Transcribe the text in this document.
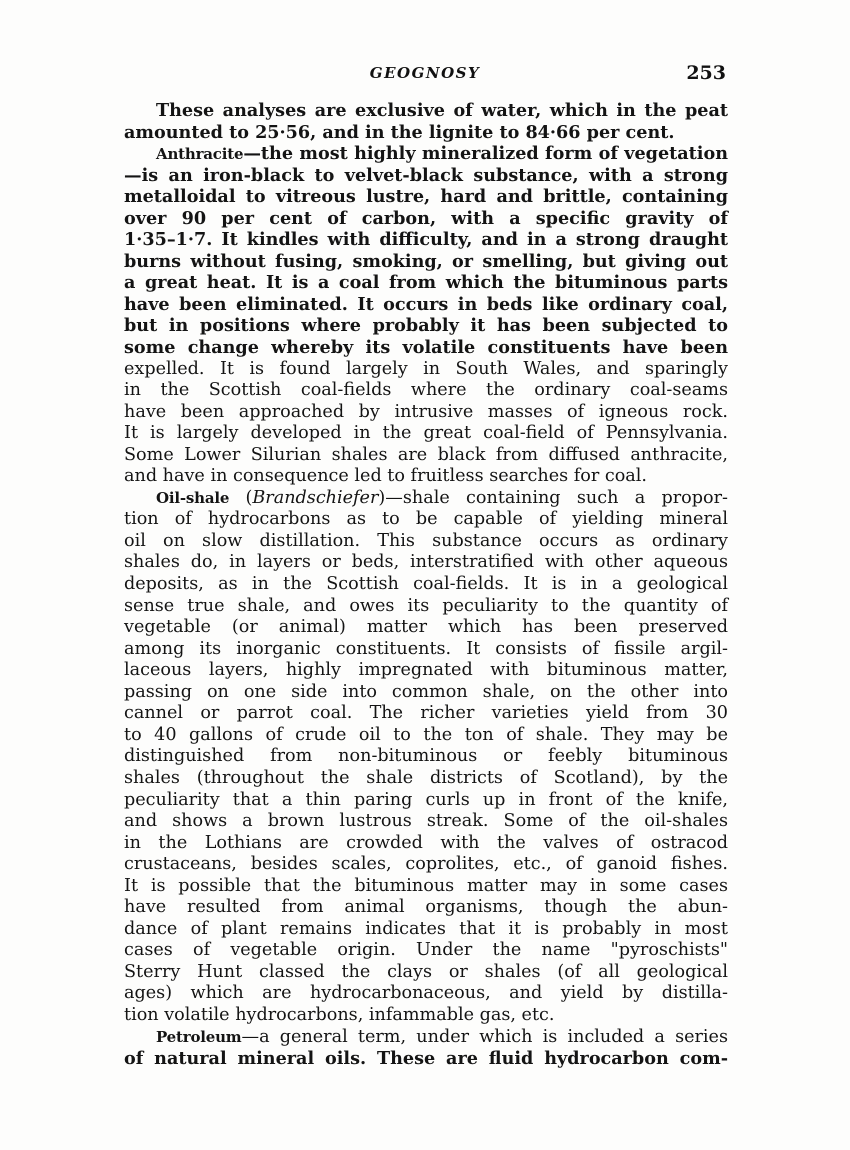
GEOGNOSY	253
These analyses are exclusive of water, which in the peat
amounted to 25·56, and in the lignite to 84·66 per cent.
Anthracite—the most highly mineralized form of vegetation
—is an iron-black to velvet-black substance, with a strong
metalloidal to vitreous lustre, hard and brittle, containing
over 90 per cent of carbon, with a specific gravity of
1·35–1·7. It kindles with difficulty, and in a strong draught
burns without fusing, smoking, or smelling, but giving out
a great heat. It is a coal from which the bituminous parts
have been eliminated. It occurs in beds like ordinary coal,
but in positions where probably it has been subjected to
some change whereby its volatile constituents have been
expelled. It is found largely in South Wales, and sparingly
in the Scottish coal-fields where the ordinary coal-seams
have been approached by intrusive masses of igneous rock.
It is largely developed in the great coal-field of Pennsylvania.
Some Lower Silurian shales are black from diffused anthracite,
and have in consequence led to fruitless searches for coal.
Oil-shale (Brandschiefer)—shale containing such a propor-
tion of hydrocarbons as to be capable of yielding mineral
oil on slow distillation. This substance occurs as ordinary
shales do, in layers or beds, interstratified with other aqueous
deposits, as in the Scottish coal-fields. It is in a geological
sense true shale, and owes its peculiarity to the quantity of
vegetable (or animal) matter which has been preserved
among its inorganic constituents. It consists of fissile argil-
laceous layers, highly impregnated with bituminous matter,
passing on one side into common shale, on the other into
cannel or parrot coal. The richer varieties yield from 30
to 40 gallons of crude oil to the ton of shale. They may be
distinguished from non-bituminous or feebly bituminous
shales (throughout the shale districts of Scotland), by the
peculiarity that a thin paring curls up in front of the knife,
and shows a brown lustrous streak. Some of the oil-shales
in the Lothians are crowded with the valves of ostracod
crustaceans, besides scales, coprolites, etc., of ganoid fishes.
It is possible that the bituminous matter may in some cases
have resulted from animal organisms, though the abun-
dance of plant remains indicates that it is probably in most
cases of vegetable origin. Under the name "pyroschists"
Sterry Hunt classed the clays or shales (of all geological
ages) which are hydrocarbonaceous, and yield by distilla-
tion volatile hydrocarbons, infammable gas, etc.
Petroleum—a general term, under which is included a series
of natural mineral oils. These are fluid hydrocarbon com-
